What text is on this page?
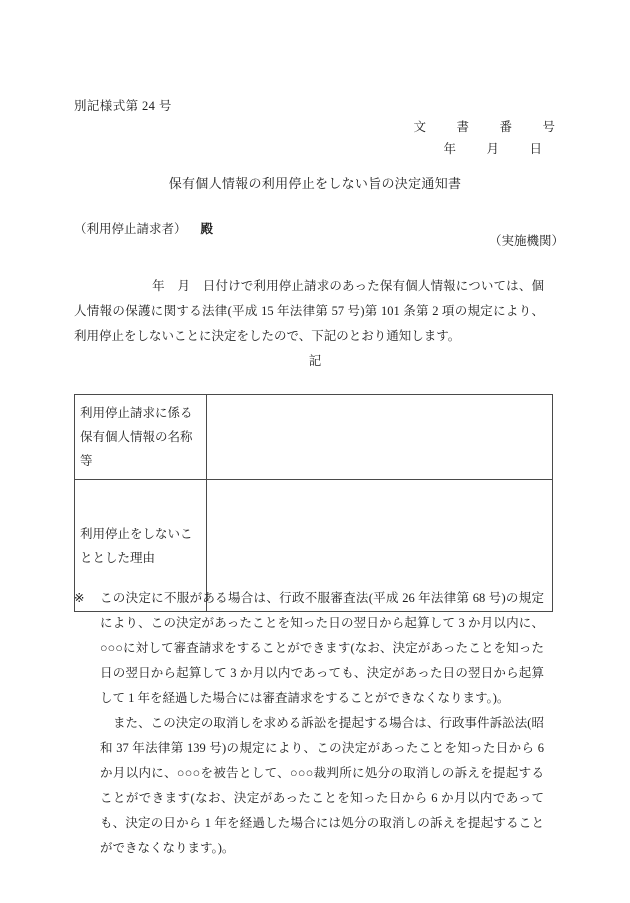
別記様式第 24 号
文　書　番　号
年　月　日
保有個人情報の利用停止をしない旨の決定通知書
（利用停止請求者） 殿
（実施機関）
年　月　日付けで利用停止請求のあった保有個人情報については、個人情報の保護に関する法律(平成 15 年法律第 57 号)第 101 条第 2 項の規定により、利用停止をしないことに決定をしたので、下記のとおり通知します。
記
利用停止請求に係る保有個人情報の名称等	

利用停止をしないこととした理由	

※ この決定に不服がある場合は、行政不服審査法(平成 26 年法律第 68 号)の規定により、この決定があったことを知った日の翌日から起算して 3 か月以内に、○○○に対して審査請求をすることができます(なお、決定があったことを知った日の翌日から起算して 3 か月以内であっても、決定があった日の翌日から起算して 1 年を経過した場合には審査請求をすることができなくなります。)。

また、この決定の取消しを求める訴訟を提起する場合は、行政事件訴訟法(昭和 37 年法律第 139 号)の規定により、この決定があったことを知った日から 6 か月以内に、○○○を被告として、○○○裁判所に処分の取消しの訴えを提起することができます(なお、決定があったことを知った日から 6 か月以内であっても、決定の日から 1 年を経過した場合には処分の取消しの訴えを提起することができなくなります。)。
